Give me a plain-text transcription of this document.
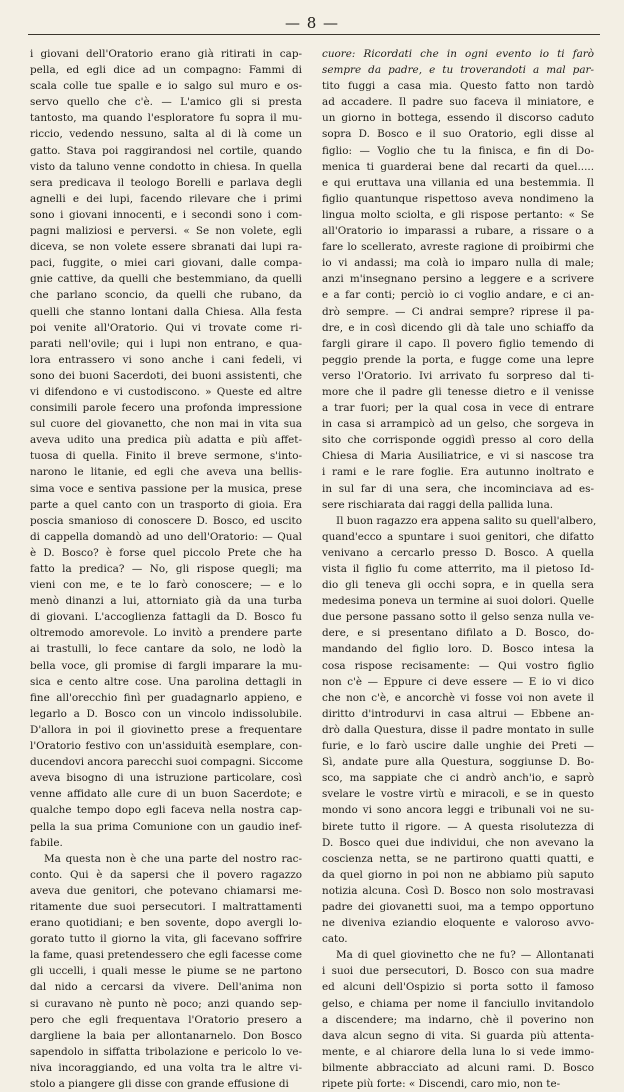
— 8 —
i giovani dell'Oratorio erano già ritirati in cap-
pella, ed egli dice ad un compagno: Fammi di
scala colle tue spalle e io salgo sul muro e os-
servo quello che c'è. — L'amico gli si presta
tantosto, ma quando l'esploratore fu sopra il mu-
riccio, vedendo nessuno, salta al di là come un
gatto. Stava poi raggirandosi nel cortile, quando
visto da taluno venne condotto in chiesa. In quella
sera predicava il teologo Borelli e parlava degli
agnelli e dei lupi, facendo rilevare che i primi
sono i giovani innocenti, e i secondi sono i com-
pagni maliziosi e perversi. « Se non volete, egli
diceva, se non volete essere sbranati dai lupi ra-
paci, fuggite, o miei cari giovani, dalle compa-
gnie cattive, da quelli che bestemmiano, da quelli
che parlano sconcio, da quelli che rubano, da
quelli che stanno lontani dalla Chiesa. Alla festa
poi venite all'Oratorio. Qui vi trovate come ri-
parati nell'ovile; qui i lupi non entrano, e qua-
lora entrassero vi sono anche i cani fedeli, vi
sono dei buoni Sacerdoti, dei buoni assistenti, che
vi difendono e vi custodiscono. » Queste ed altre
consimili parole fecero una profonda impressione
sul cuore del giovanetto, che non mai in vita sua
aveva udito una predica più adatta e più affet-
tuosa di quella. Finito il breve sermone, s'into-
narono le litanie, ed egli che aveva una bellis-
sima voce e sentiva passione per la musica, prese
parte a quel canto con un trasporto di gioia. Era
poscia smanioso di conoscere D. Bosco, ed uscito
di cappella domandò ad uno dell'Oratorio: — Qual
è D. Bosco? è forse quel piccolo Prete che ha
fatto la predica? — No, gli rispose quegli; ma
vieni con me, e te lo farò conoscere; — e lo
menò dinanzi a lui, attorniato già da una turba
di giovani. L'accoglienza fattagli da D. Bosco fu
oltremodo amorevole. Lo invitò a prendere parte
ai trastulli, lo fece cantare da solo, ne lodò la
bella voce, gli promise di fargli imparare la mu-
sica e cento altre cose. Una parolina dettagli in
fine all'orecchio finì per guadagnarlo appieno, e
legarlo a D. Bosco con un vincolo indissolubile.
D'allora in poi il giovinetto prese a frequentare
l'Oratorio festivo con un'assiduità esemplare, con-
ducendovi ancora parecchi suoi compagni. Siccome
aveva bisogno di una istruzione particolare, così
venne affidato alle cure di un buon Sacerdote; e
qualche tempo dopo egli faceva nella nostra cap-
pella la sua prima Comunione con un gaudio inef-
fabile.
Ma questa non è che una parte del nostro rac-
conto. Qui è da sapersi che il povero ragazzo
aveva due genitori, che potevano chiamarsi me-
ritamente due suoi persecutori. I maltrattamenti
erano quotidiani; e ben sovente, dopo avergli lo-
gorato tutto il giorno la vita, gli facevano soffrire
la fame, quasi pretendessero che egli facesse come
gli uccelli, i quali messe le piume se ne partono
dal nido a cercarsi da vivere. Dell'anima non
si curavano nè punto nè poco; anzi quando sep-
pero che egli frequentava l'Oratorio presero a
dargliene la baia per allontanarnelo. Don Bosco
sapendolo in siffatta tribolazione e pericolo lo ve-
niva incoraggiando, ed una volta tra le altre vi-
stolo a piangere gli disse con grande effusione di
cuore: Ricordati che in ogni evento io ti farò
sempre da padre, e tu troverandoti a mal par-
tito fuggi a casa mia. Questo fatto non tardò
ad accadere. Il padre suo faceva il miniatore, e
un giorno in bottega, essendo il discorso caduto
sopra D. Bosco e il suo Oratorio, egli disse al
figlio: — Voglio che tu la finisca, e fin di Do-
menica ti guarderai bene dal recarti da quel.....
e qui eruttava una villania ed una bestemmia. Il
figlio quantunque rispettoso aveva nondimeno la
lingua molto sciolta, e gli rispose pertanto: « Se
all'Oratorio io imparassi a rubare, a rissare o a
fare lo scellerato, avreste ragione di proibirmi che
io vi andassi; ma colà io imparo nulla di male;
anzi m'insegnano persino a leggere e a scrivere
e a far conti; perciò io ci voglio andare, e ci an-
drò sempre. — Ci andrai sempre? riprese il pa-
dre, e in così dicendo gli dà tale uno schiaffo da
fargli girare il capo. Il povero figlio temendo di
peggio prende la porta, e fugge come una lepre
verso l'Oratorio. Ivi arrivato fu sorpreso dal ti-
more che il padre gli tenesse dietro e il venisse
a trar fuori; per la qual cosa in vece di entrare
in casa si arrampicò ad un gelso, che sorgeva in
sito che corrisponde oggidì presso al coro della
Chiesa di Maria Ausiliatrice, e vi si nascose tra
i rami e le rare foglie. Era autunno inoltrato e
in sul far di una sera, che incominciava ad es-
sere rischiarata dai raggi della pallida luna.
Il buon ragazzo era appena salito su quell'albero,
quand'ecco a spuntare i suoi genitori, che difatto
venivano a cercarlo presso D. Bosco. A quella
vista il figlio fu come atterrito, ma il pietoso Id-
dio gli teneva gli occhi sopra, e in quella sera
medesima poneva un termine ai suoi dolori. Quelle
due persone passano sotto il gelso senza nulla ve-
dere, e si presentano difilato a D. Bosco, do-
mandando del figlio loro. D. Bosco intesa la
cosa rispose recisamente: — Qui vostro figlio
non c'è — Eppure ci deve essere — E io vi dico
che non c'è, e ancorchè vi fosse voi non avete il
diritto d'introdurvi in casa altrui — Ebbene an-
drò dalla Questura, disse il padre montato in sulle
furie, e lo farò uscire dalle unghie dei Preti —
Sì, andate pure alla Questura, soggiunse D. Bo-
sco, ma sappiate che ci andrò anch'io, e saprò
svelare le vostre virtù e miracoli, e se in questo
mondo vi sono ancora leggi e tribunali voi ne su-
birete tutto il rigore. — A questa risolutezza di
D. Bosco quei due individui, che non avevano la
coscienza netta, se ne partirono quatti quatti, e
da quel giorno in poi non ne abbiamo più saputo
notizia alcuna. Così D. Bosco non solo mostravasi
padre dei giovanetti suoi, ma a tempo opportuno
ne diveniva eziandio eloquente e valoroso avvo-
cato.
Ma di quel giovinetto che ne fu? — Allontanati
i suoi due persecutori, D. Bosco con sua madre
ed alcuni dell'Ospizio si porta sotto il famoso
gelso, e chiama per nome il fanciullo invitandolo
a discendere; ma indarno, chè il poverino non
dava alcun segno di vita. Si guarda più attenta-
mente, e al chiarore della luna lo si vede immo-
bilmente abbracciato ad alcuni rami. D. Bosco
ripete più forte: « Discendi, caro mio, non te-
